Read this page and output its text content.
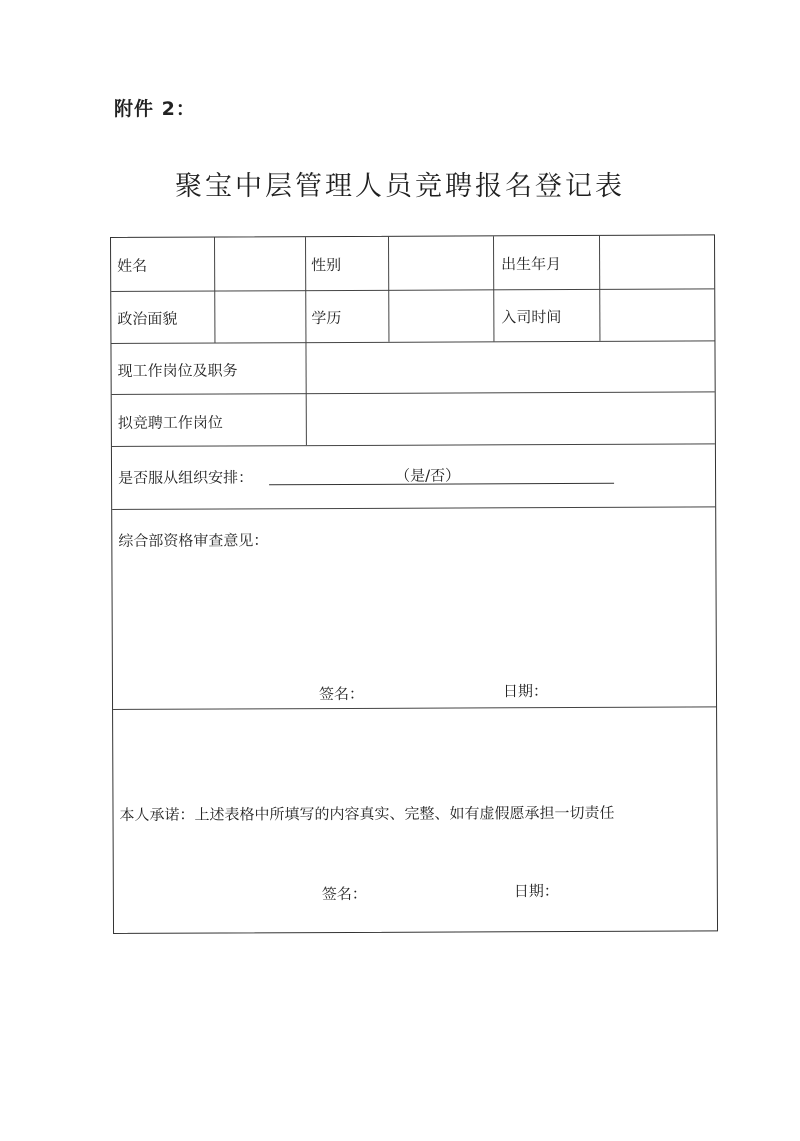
附件 2：
聚宝中层管理人员竞聘报名登记表
姓名	性别	出生年月
政治面貌	学历	入司时间
现工作岗位及职务
拟竞聘工作岗位
是否服从组织安排：	（是/否）
综合部资格审查意见：
签名：	日期：
本人承诺：上述表格中所填写的内容真实、完整、如有虚假愿承担一切责任
签名：	日期：
